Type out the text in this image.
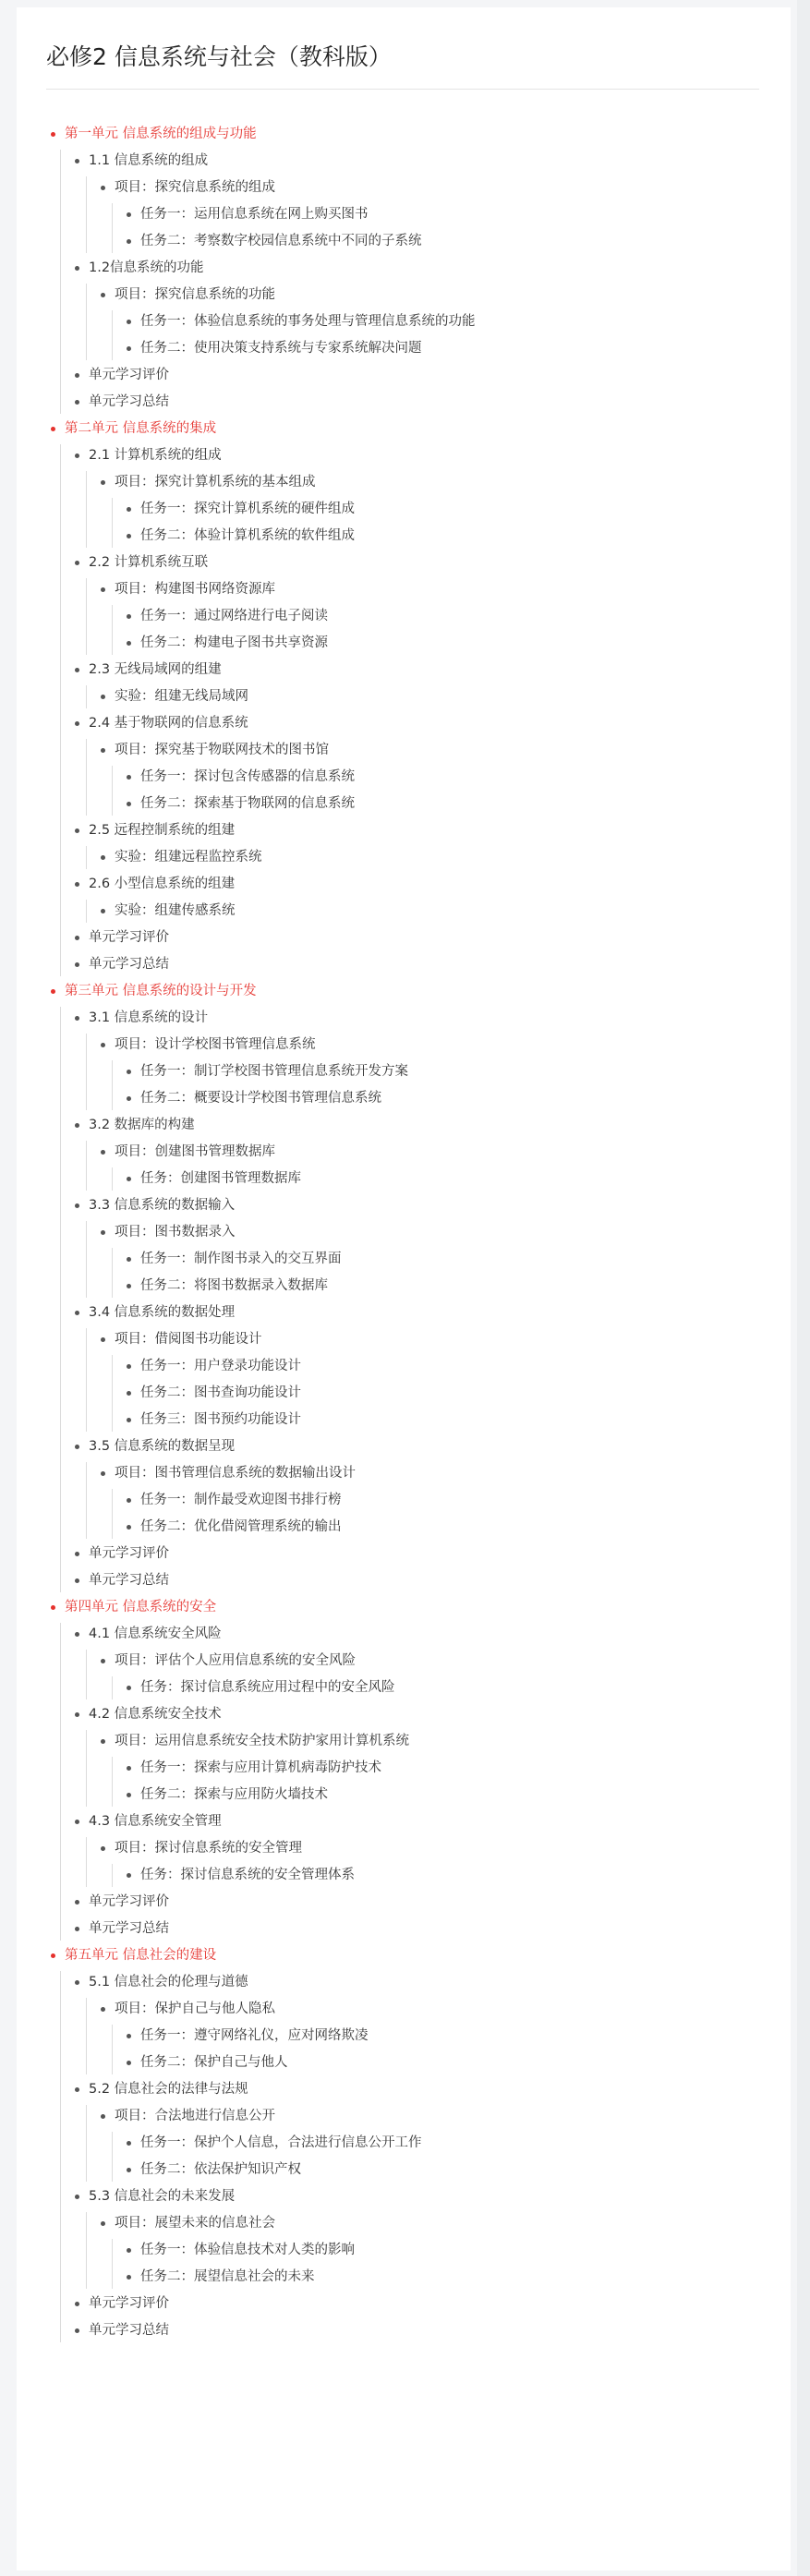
必修2 信息系统与社会（教科版）
第一单元 信息系统的组成与功能
1.1 信息系统的组成
项目：探究信息系统的组成
任务一：运用信息系统在网上购买图书
任务二：考察数字校园信息系统中不同的子系统
1.2信息系统的功能
项目：探究信息系统的功能
任务一：体验信息系统的事务处理与管理信息系统的功能
任务二：使用决策支持系统与专家系统解决问题
单元学习评价
单元学习总结
第二单元 信息系统的集成
2.1 计算机系统的组成
项目：探究计算机系统的基本组成
任务一：探究计算机系统的硬件组成
任务二：体验计算机系统的软件组成
2.2 计算机系统互联
项目：构建图书网络资源库
任务一：通过网络进行电子阅读
任务二：构建电子图书共享资源
2.3 无线局域网的组建
实验：组建无线局域网
2.4 基于物联网的信息系统
项目：探究基于物联网技术的图书馆
任务一：探讨包含传感器的信息系统
任务二：探索基于物联网的信息系统
2.5 远程控制系统的组建
实验：组建远程监控系统
2.6 小型信息系统的组建
实验：组建传感系统
单元学习评价
单元学习总结
第三单元 信息系统的设计与开发
3.1 信息系统的设计
项目：设计学校图书管理信息系统
任务一：制订学校图书管理信息系统开发方案
任务二：概要设计学校图书管理信息系统
3.2 数据库的构建
项目：创建图书管理数据库
任务：创建图书管理数据库
3.3 信息系统的数据输入
项目：图书数据录入
任务一：制作图书录入的交互界面
任务二：将图书数据录入数据库
3.4 信息系统的数据处理
项目：借阅图书功能设计
任务一：用户登录功能设计
任务二：图书查询功能设计
任务三：图书预约功能设计
3.5 信息系统的数据呈现
项目：图书管理信息系统的数据输出设计
任务一：制作最受欢迎图书排行榜
任务二：优化借阅管理系统的输出
单元学习评价
单元学习总结
第四单元 信息系统的安全
4.1 信息系统安全风险
项目：评估个人应用信息系统的安全风险
任务：探讨信息系统应用过程中的安全风险
4.2 信息系统安全技术
项目：运用信息系统安全技术防护家用计算机系统
任务一：探索与应用计算机病毒防护技术
任务二：探索与应用防火墙技术
4.3 信息系统安全管理
项目：探讨信息系统的安全管理
任务：探讨信息系统的安全管理体系
单元学习评价
单元学习总结
第五单元 信息社会的建设
5.1 信息社会的伦理与道德
项目：保护自己与他人隐私
任务一：遵守网络礼仪，应对网络欺凌
任务二：保护自己与他人
5.2 信息社会的法律与法规
项目：合法地进行信息公开
任务一：保护个人信息，合法进行信息公开工作
任务二：依法保护知识产权
5.3 信息社会的未来发展
项目：展望未来的信息社会
任务一：体验信息技术对人类的影响
任务二：展望信息社会的未来
单元学习评价
单元学习总结
